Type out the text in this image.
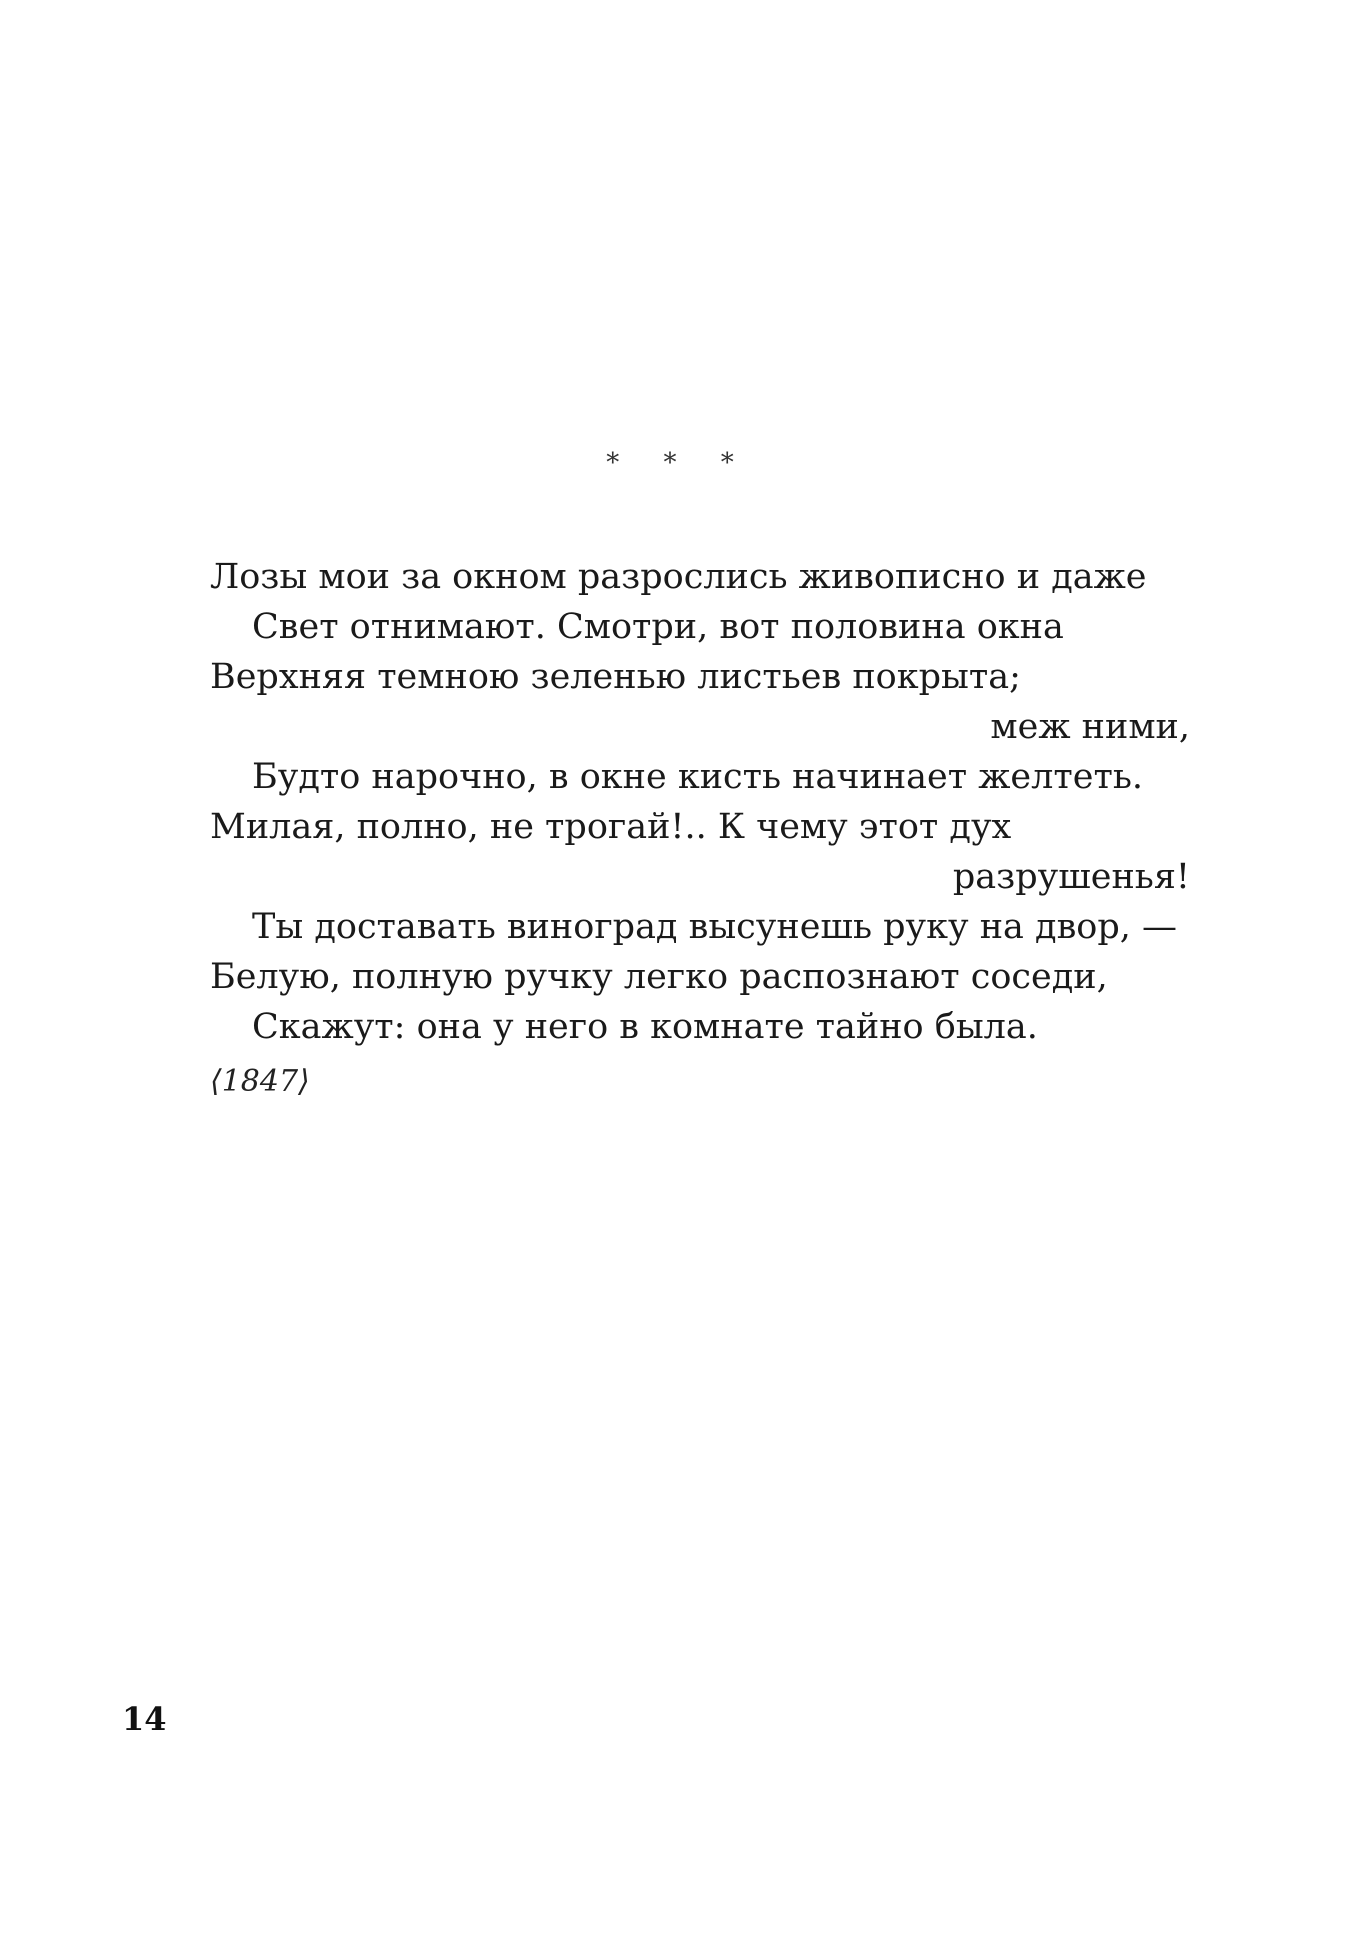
* * *
Лозы мои за окном разрослись живописно и даже
Свет отнимают. Смотри, вот половина окна
Верхняя темною зеленью листьев покрыта;
меж ними,
Будто нарочно, в окне кисть начинает желтеть.
Милая, полно, не трогай!.. К чему этот дух
разрушенья!
Ты доставать виноград высунешь руку на двор, —
Белую, полную ручку легко распознают соседи,
Скажут: она у него в комнате тайно была.
⟨1847⟩
14
